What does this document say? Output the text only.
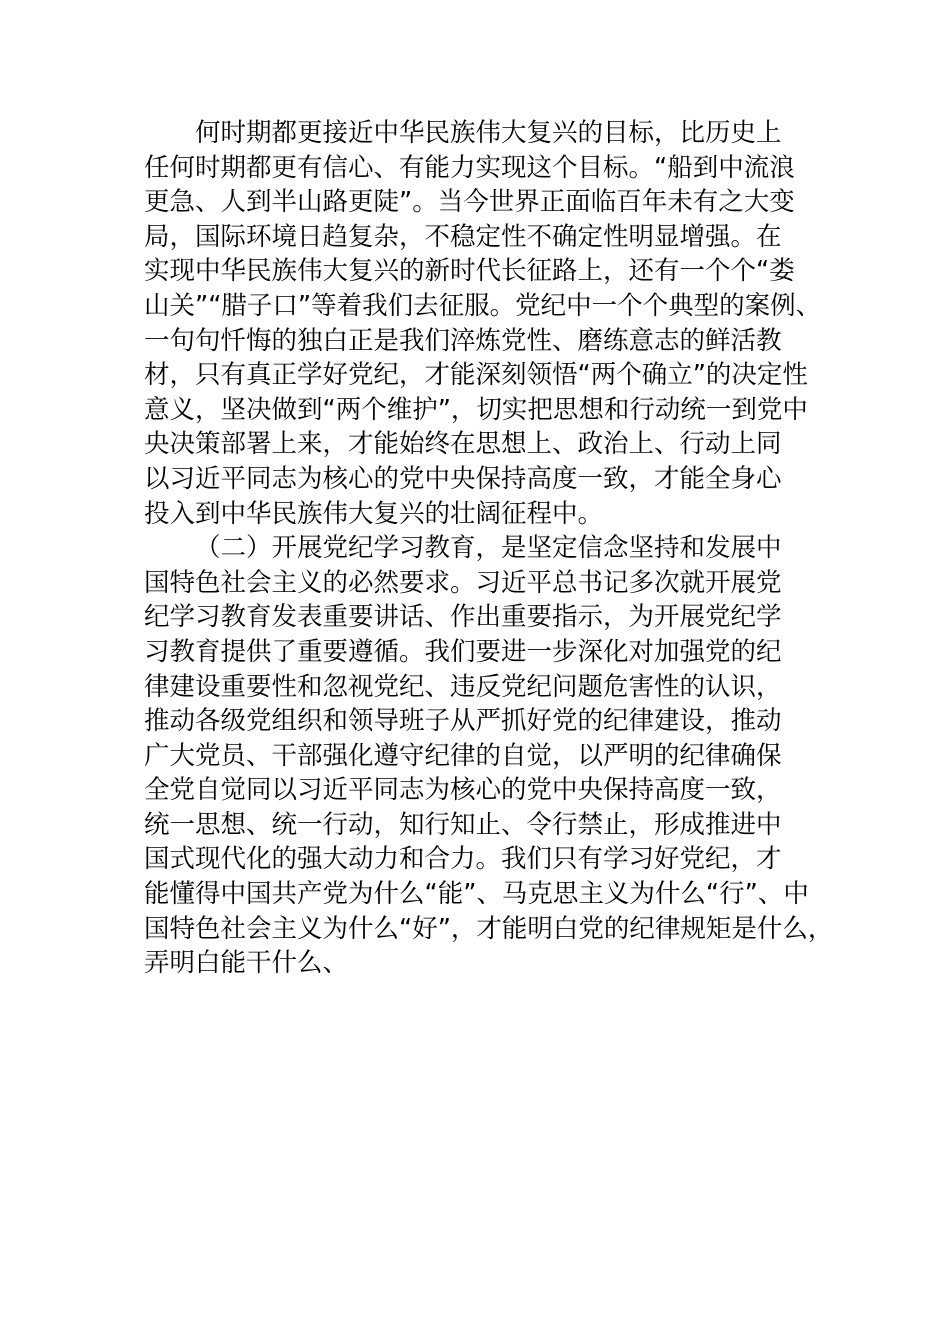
何时期都更接近中华民族伟大复兴的目标，比历史上
任何时期都更有信心、有能力实现这个目标。“船到中流浪
更急、人到半山路更陡”。当今世界正面临百年未有之大变
局，国际环境日趋复杂，不稳定性不确定性明显增强。在
实现中华民族伟大复兴的新时代长征路上，还有一个个“娄
山关”“腊子口”等着我们去征服。党纪中一个个典型的案例、
一句句忏悔的独白正是我们淬炼党性、磨练意志的鲜活教
材，只有真正学好党纪，才能深刻领悟“两个确立”的决定性
意义，坚决做到“两个维护”，切实把思想和行动统一到党中
央决策部署上来，才能始终在思想上、政治上、行动上同
以习近平同志为核心的党中央保持高度一致，才能全身心
投入到中华民族伟大复兴的壮阔征程中。
（二）开展党纪学习教育，是坚定信念坚持和发展中
国特色社会主义的必然要求。习近平总书记多次就开展党
纪学习教育发表重要讲话、作出重要指示，为开展党纪学
习教育提供了重要遵循。我们要进一步深化对加强党的纪
律建设重要性和忽视党纪、违反党纪问题危害性的认识，
推动各级党组织和领导班子从严抓好党的纪律建设，推动
广大党员、干部强化遵守纪律的自觉，以严明的纪律确保
全党自觉同以习近平同志为核心的党中央保持高度一致，
统一思想、统一行动，知行知止、令行禁止，形成推进中
国式现代化的强大动力和合力。我们只有学习好党纪，才
能懂得中国共产党为什么“能”、马克思主义为什么“行”、中
国特色社会主义为什么“好”，才能明白党的纪律规矩是什么，
弄明白能干什么、
